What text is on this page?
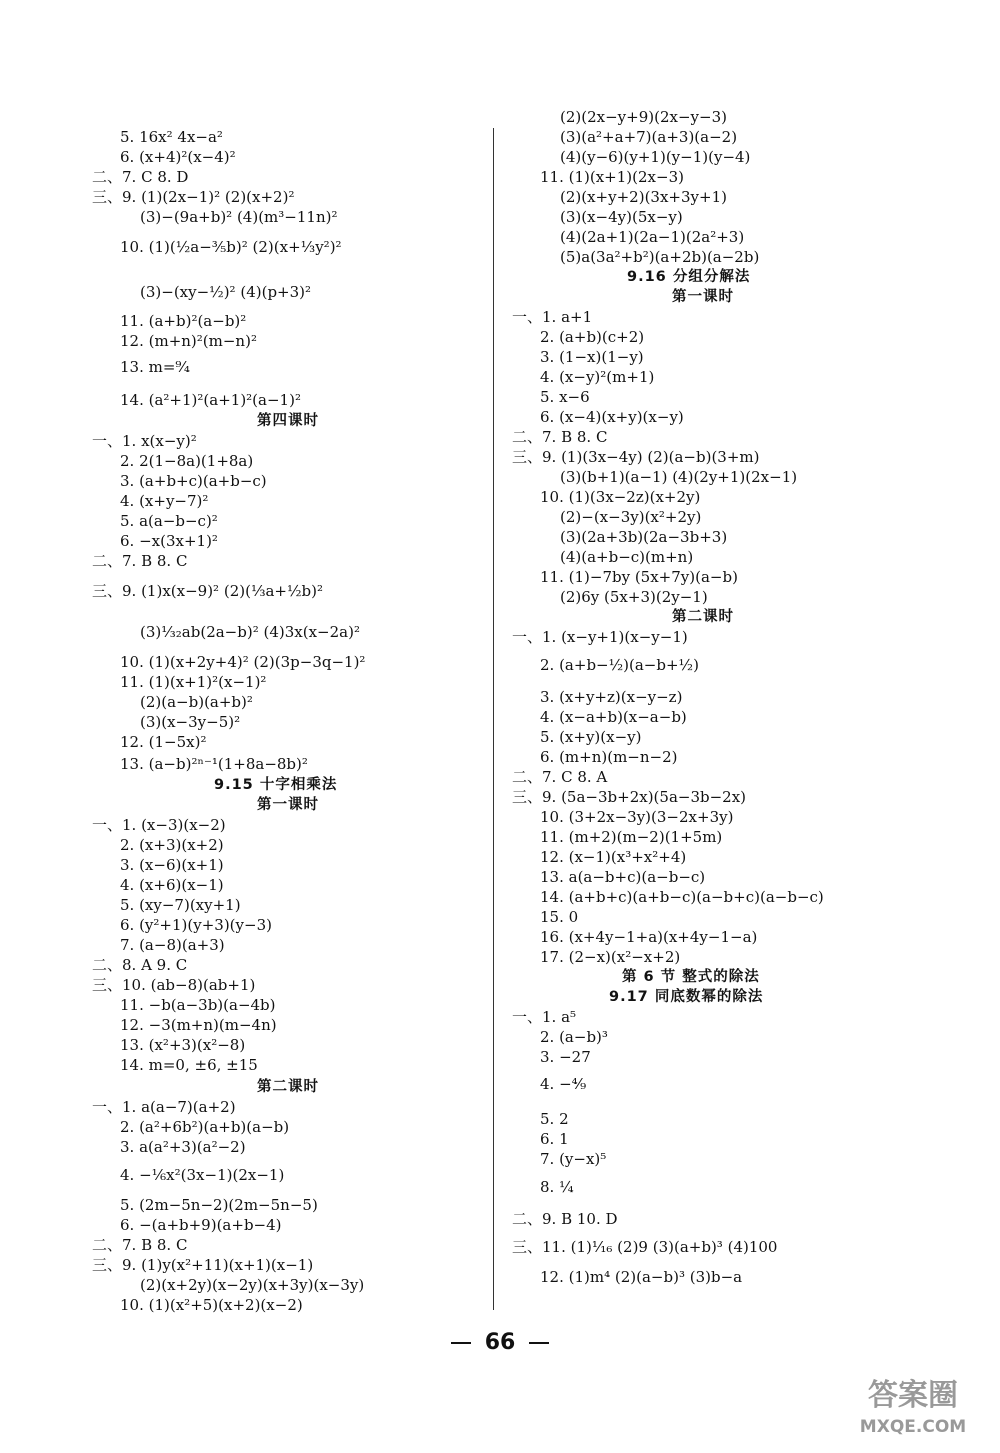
5. 16x² 4x−a²
6. (x+4)²(x−4)²
二、7. C 8. D
三、9. (1)(2x−1)² (2)(x+2)²
(3)−(9a+b)² (4)(m³−11n)²
10. (1)(½a−³⁄₅b)² (2)(x+⅓y²)²
(3)−(xy−½)² (4)(p+3)²
11. (a+b)²(a−b)²
12. (m+n)²(m−n)²
13. m=⁹⁄₄
14. (a²+1)²(a+1)²(a−1)²
第四课时
一、1. x(x−y)²
2. 2(1−8a)(1+8a)
3. (a+b+c)(a+b−c)
4. (x+y−7)²
5. a(a−b−c)²
6. −x(3x+1)²
二、7. B 8. C
三、9. (1)x(x−9)² (2)(⅓a+½b)²
(3)¹⁄₃₂ab(2a−b)² (4)3x(x−2a)²
10. (1)(x+2y+4)² (2)(3p−3q−1)²
11. (1)(x+1)²(x−1)²
(2)(a−b)(a+b)²
(3)(x−3y−5)²
12. (1−5x)²
13. (a−b)²ⁿ⁻¹(1+8a−8b)²
9.15 十字相乘法
第一课时
一、1. (x−3)(x−2)
2. (x+3)(x+2)
3. (x−6)(x+1)
4. (x+6)(x−1)
5. (xy−7)(xy+1)
6. (y²+1)(y+3)(y−3)
7. (a−8)(a+3)
二、8. A 9. C
三、10. (ab−8)(ab+1)
11. −b(a−3b)(a−4b)
12. −3(m+n)(m−4n)
13. (x²+3)(x²−8)
14. m=0, ±6, ±15
第二课时
一、1. a(a−7)(a+2)
2. (a²+6b²)(a+b)(a−b)
3. a(a²+3)(a²−2)
4. −⅙x²(3x−1)(2x−1)
5. (2m−5n−2)(2m−5n−5)
6. −(a+b+9)(a+b−4)
二、7. B 8. C
三、9. (1)y(x²+11)(x+1)(x−1)
(2)(x+2y)(x−2y)(x+3y)(x−3y)
10. (1)(x²+5)(x+2)(x−2)
(2)(2x−y+9)(2x−y−3)
(3)(a²+a+7)(a+3)(a−2)
(4)(y−6)(y+1)(y−1)(y−4)
11. (1)(x+1)(2x−3)
(2)(x+y+2)(3x+3y+1)
(3)(x−4y)(5x−y)
(4)(2a+1)(2a−1)(2a²+3)
(5)a(3a²+b²)(a+2b)(a−2b)
9.16 分组分解法
第一课时
一、1. a+1
2. (a+b)(c+2)
3. (1−x)(1−y)
4. (x−y)²(m+1)
5. x−6
6. (x−4)(x+y)(x−y)
二、7. B 8. C
三、9. (1)(3x−4y) (2)(a−b)(3+m)
(3)(b+1)(a−1) (4)(2y+1)(2x−1)
10. (1)(3x−2z)(x+2y)
(2)−(x−3y)(x²+2y)
(3)(2a+3b)(2a−3b+3)
(4)(a+b−c)(m+n)
11. (1)−7by (5x+7y)(a−b)
(2)6y (5x+3)(2y−1)
第二课时
一、1. (x−y+1)(x−y−1)
2. (a+b−½)(a−b+½)
3. (x+y+z)(x−y−z)
4. (x−a+b)(x−a−b)
5. (x+y)(x−y)
6. (m+n)(m−n−2)
二、7. C 8. A
三、9. (5a−3b+2x)(5a−3b−2x)
10. (3+2x−3y)(3−2x+3y)
11. (m+2)(m−2)(1+5m)
12. (x−1)(x³+x²+4)
13. a(a−b+c)(a−b−c)
14. (a+b+c)(a+b−c)(a−b+c)(a−b−c)
15. 0
16. (x+4y−1+a)(x+4y−1−a)
17. (2−x)(x²−x+2)
第 6 节 整式的除法
9.17 同底数幂的除法
一、1. a⁵
2. (a−b)³
3. −27
4. −⁴⁄₉
5. 2
6. 1
7. (y−x)⁵
8. ¼
二、9. B 10. D
三、11. (1)¹⁄₁₆ (2)9 (3)(a+b)³ (4)100
12. (1)m⁴ (2)(a−b)³ (3)b−a
66
答案圈
MXQE.COM
